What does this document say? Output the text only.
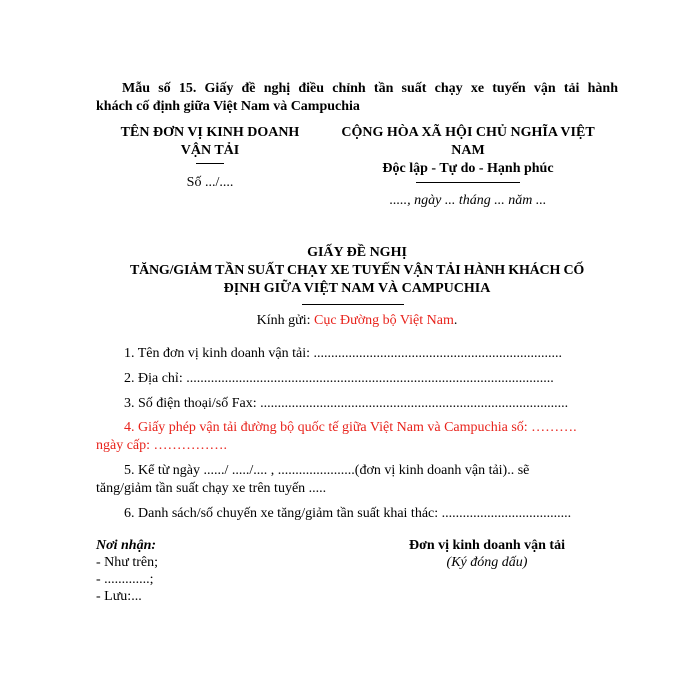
Mẫu số 15. Giấy đề nghị điều chỉnh tần suất chạy xe tuyến vận tải hành
khách cố định giữa Việt Nam và Campuchia
TÊN ĐƠN VỊ KINH DOANH
VẬN TẢI
Số .../....
CỘNG HÒA XÃ HỘI CHỦ NGHĨA VIỆT
NAM
Độc lập - Tự do - Hạnh phúc
....., ngày ... tháng ... năm ...
GIẤY ĐỀ NGHỊ
TĂNG/GIẢM TẦN SUẤT CHẠY XE TUYẾN VẬN TẢI HÀNH KHÁCH CỐ
ĐỊNH GIỮA VIỆT NAM VÀ CAMPUCHIA
Kính gửi: Cục Đường bộ Việt Nam.
1. Tên đơn vị kinh doanh vận tải: .......................................................................
2. Địa chỉ: .........................................................................................................
3. Số điện thoại/số Fax: ........................................................................................
4. Giấy phép vận tải đường bộ quốc tế giữa Việt Nam và Campuchia số: ……….
ngày cấp: …………….
5. Kể từ ngày ....../ ...../.... , ......................(đơn vị kinh doanh vận tải).. sẽ
tăng/giảm tần suất chạy xe trên tuyến .....
6. Danh sách/số chuyến xe tăng/giảm tần suất khai thác: .....................................
Nơi nhận:
- Như trên;
- .............;
- Lưu:...
Đơn vị kinh doanh vận tải
(Ký đóng dấu)
